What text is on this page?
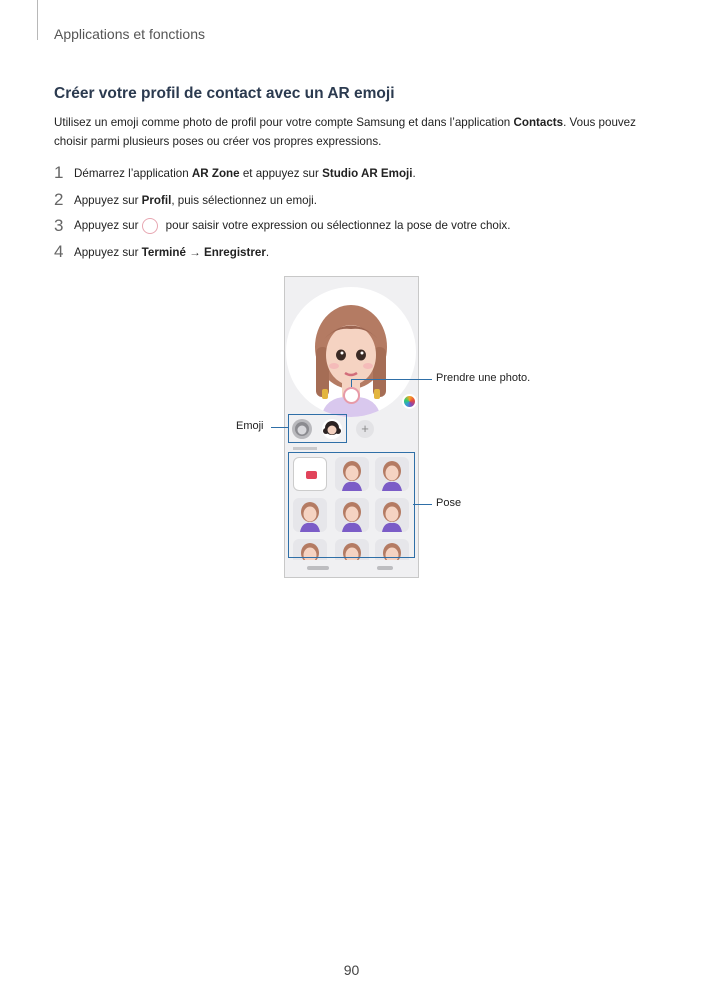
Applications et fonctions
Créer votre profil de contact avec un AR emoji
Utilisez un emoji comme photo de profil pour votre compte Samsung et dans l’application Contacts. Vous pouvez choisir parmi plusieurs poses ou créer vos propres expressions.
1 Démarrez l’application AR Zone et appuyez sur Studio AR Emoji.
2 Appuyez sur Profil, puis sélectionnez un emoji.
3 Appuyez sur pour saisir votre expression ou sélectionnez la pose de votre choix.
4 Appuyez sur Terminé → Enregistrer.
+
Emoji
Prendre une photo.
Pose
90
